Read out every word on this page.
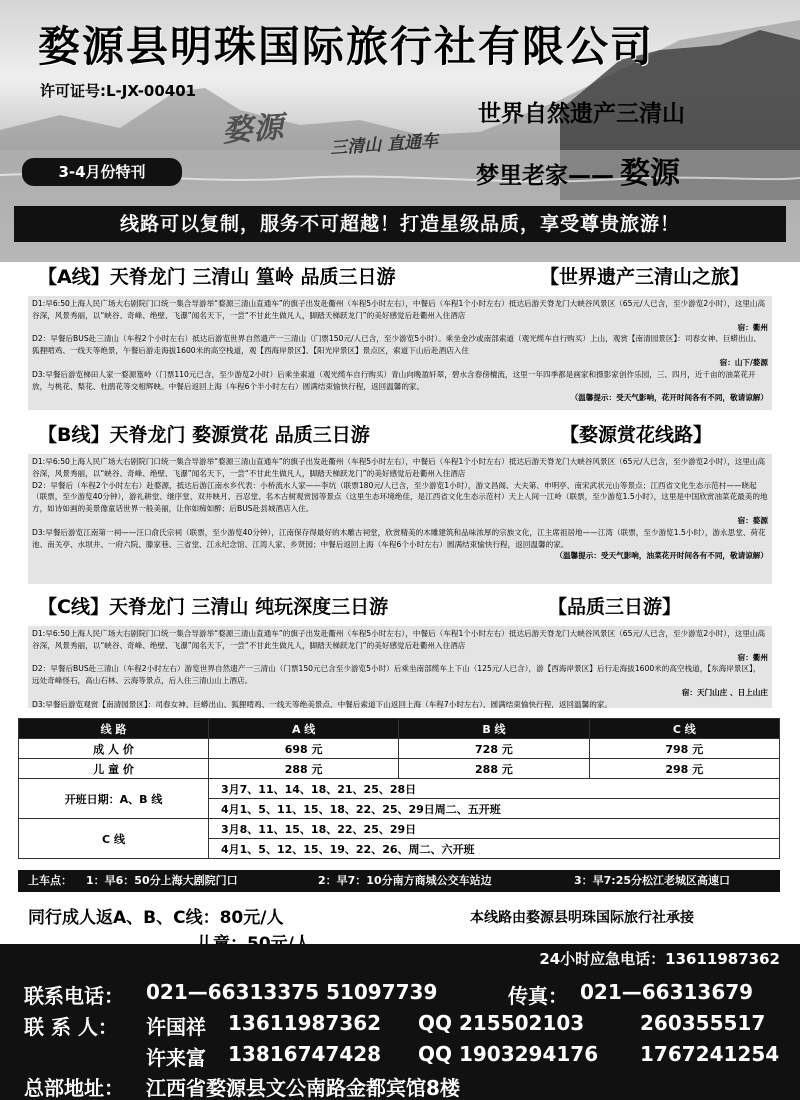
婺源县明珠国际旅行社有限公司
许可证号:L-JX-00401
婺源	三清山 直通车
世界自然遗产三清山
梦里老家—— 婺源
3-4月份特刊
线路可以复制，服务不可超越！打造星级品质，享受尊贵旅游！
【A线】天脊龙门 三清山 篁岭 品质三日游	【世界遗产三清山之旅】

D1:早6:50上海人民广场大右剧院门口统一集合导游举“婺源三清山直通车”的旗子出发赴衢州（车程5小时左右），中餐后（车程1个小时左右）抵达后游天脊龙门大峡谷风景区（65元/人已含，至少游览2小时），这里山高谷深，风景秀丽，以“峡谷、奇峰、绝壁、飞瀑”闻名天下，一尝“不甘此生做凡人，脚踏天梯跃龙门”的美好感觉后赴衢州入住酒店

宿：衢州

D2：早餐后BUS赴三清山（车程2个小时左右）抵达后游览世界自然遗产一三清山（门票150元/人已含，至少游览5小时）。乘坐金沙或南部索道（观光缆车自行购买）上山，观赏【南清园景区】：司春女神、巨蟒出山、狐狸啃鸡、一线天等绝景，午餐后游走海拔1600米的高空栈道，观【西海岸景区】、【阳光岸景区】景点区，索道下山后赴酒店入住

宿：山下/婺源

D3:早餐后游览梯田人家一婺源篁岭（门票110元已含，至少游览2小时）后乘坐索道（观光缆车自行购买）青山向晚盈轩翠，碧水含春傍檀流，这里一年四季都是画家和摄影家创作乐园，三、四月，近千亩的油菜花开放，与桃花、梨花、杜鹃花等交相辉映。中餐后返回上海（车程6个半小时左右）圆满结束愉快行程，返回温馨的家。

（温馨提示：受天气影响，花开时间各有不同，敬请谅解）

【B线】天脊龙门 婺源赏花 品质三日游	【婺源赏花线路】

D1:早6:50上海人民广场大右剧院门口统一集合导游举“婺源三清山直通车”的旗子出发赴衢州（车程5小时左右），中餐后（车程1个小时左右）抵达后游天脊龙门大峡谷风景区（65元/人已含，至少游览2小时），这里山高谷深，风景秀丽，以“峡谷、奇峰、绝壁、飞瀑”闻名天下，一尝“不甘此生做凡人，脚踏天梯跃龙门”的美好感觉后赴衢州入住酒店

D2：早餐后（车程2个小时左右）赴婺源，抵达后游江南水乡代表：小桥流水人家——李坑（联票180元/人已含，至少游览1小时），游文昌阁、大夫第、申明亭、南宋武状元山等景点；江西省文化生态示范村——晓起（联票，至少游览40分钟），游礼耕堂、继序堂、双井映月、百忍堂、名木古树观赏园等景点（这里生态环境绝佳，是江西省文化生态示范村）天上人间一江岭（联票，至少游览1.5小时），这里是中国欣赏油菜花最美的地方，如诗如画的美景像童话世界一般美丽，让你如痴如醉；后BUS赴县城酒店入住。

宿：婺源

D3:早餐后游览江南第一祠——汪口俞氏宗祠（联票，至少游览40分钟），江南保存得最好的木雕古祠堂，欣赏精美的木雕建筑和品味浓厚的宗族文化，江主席祖居地——江湾（联票，至少游览1.5小时），游永思堂、荷花池、南关亭、水坝井、一府六院、滕家巷、三省堂、江永纪念馆、江湾人家、乡贤园；中餐后返回上海（车程6个小时左右）圆满结束愉快行程，返回温馨的家。

（温馨提示：受天气影响，油菜花开时间各有不同，敬请谅解）

【C线】天脊龙门 三清山 纯玩深度三日游	【品质三日游】

D1:早6:50上海人民广场大右剧院门口统一集合导游举“婺源三清山直通车”的旗子出发赴衢州（车程5小时左右），中餐后（车程1个小时左右）抵达后游天脊龙门大峡谷风景区（65元/人已含，至少游览2小时），这里山高谷深，风景秀丽，以“峡谷、奇峰、绝壁、飞瀑”闻名天下，一尝“不甘此生做凡人，脚踏天梯跃龙门”的美好感觉后赴衢州入住酒店

宿：衢州

D2：早餐后BUS赴三清山（车程2小时左右）游览世界自然遗产一三清山（门票150元已含至少游览5小时）后乘坐南部缆车上下山（125元/人已含），游【西海岸景区】后行走海拔1600米的高空栈道，【东海岸景区】，远处奇峰怪石，高山石林、云海等景点，后入住三清山山上酒店。

宿：天门山庄 、日上山庄

D3:早餐后游览观赏【南清园景区】：司春女神、巨蟒出山、狐狸啃鸡、一线天等绝美景点，中餐后索道下山返回上海（车程7小时左右），圆满结束愉快行程，返回温馨的家。

线 路	A 线	B 线	C 线
成 人 价	698 元	728 元	798 元
儿 童 价	288 元	288 元	298 元
开班日期：A、B 线	3月7、11、14、18、21、25、28日		
	4月1、5、11、15、18、22、25、29日周二、五开班		
C 线	3月8、11、15、18、22、25、29日		
	4月1、5、12、15、19、22、26、周二、六开班		
上车点： 1：早6：50分上海大剧院门口	2：早7：10分南方商城公交车站边	3：早7:25分松江老城区高速口
同行成人返A、B、C线：80元/人	本线路由婺源县明珠国际旅行社承接
24小时应急电话：13611987362
联系电话： 021—66313375 51097739	传真： 021—66313679
联 系 人： 许国祥 13611987362 QQ 215502103	260355517
许来富 13816747428 QQ 1903294176 1767241254
总部地址： 江西省婺源县文公南路金都宾馆8楼
